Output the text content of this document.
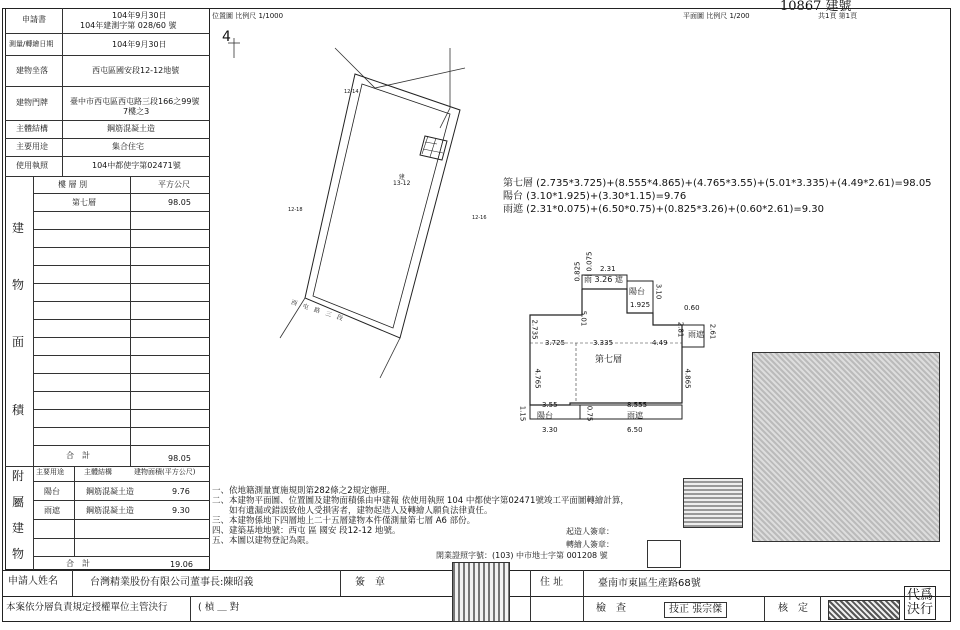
10867 建號
位置圖 比例尺 1/1000	平面圖 比例尺 1/200	共1頁 第1頁
申請書	104年9月30日
104年建測字第 028/60 號
測量/轉繪日期	104年9月30日
建物坐落	西屯區國安段12-12地號
建物門牌	臺中市西屯區西屯路三段166之99號
7樓之3
主體結構	鋼筋混凝土造
主要用途	集合住宅
使用執照	104中都使字第02471號
建
物
面
積
樓 層 別	平方公尺
第七層	98.05
合　計	98.05
附
屬
建
物
主要用途	主體結構	建物面積(平方公尺)
陽台	鋼筋混凝土造	9.76
雨遮	鋼筋混凝土造	9.30
合　計	19.06
4
建
13-12
12-14
12-18
12-16
西　屯　路　三　段
第七層 (2.735*3.725)+(8.555*4.865)+(4.765*3.55)+(5.01*3.335)+(4.49*2.61)=98.05
陽台 (3.10*1.925)+(3.30*1.15)=9.76
雨遮 (2.31*0.075)+(6.50*0.75)+(0.825*3.26)+(0.60*2.61)=9.30
第七層
雨 3.26 遮
陽台
雨遮
陽台	雨遮
2.31
0.825 0.075
3.10
1.925	0.60
5.01
2.735
3.725	3.335	4.49
2.81	2.61
4.765	4.865
3.55	8.555
1.15	0.75
3.30	6.50
一、依地籍測量實施規則第282條之2規定辦理。
二、本建物平面圖、位置圖及建物面積係由申建報 依使用執照 104 中都使字第02471號竣工平面圖轉繪計算，
　　如有遺漏或錯誤致他人受損害者，建物起造人及轉繪人願負法律責任。
三、本建物係地下四層地上二十五層建物本件僅測量第七層 A6 部份。
四、建築基地地號：西屯 區 國安 段12-12 地號。
五、本圖以建物登記為限。
起造人簽章：
轉繪人簽章：
開業證照字號：(103) 中市地士字第 001208 號
申請人姓名	台灣精業股份有限公司董事長:陳昭義	簽　章	住 址	臺南市東區生產路68號
本案依分層負責規定授權單位主管決行	( 楨 ＿ 對	檢　查	技正 張宗傑	核　定
代爲
決行
